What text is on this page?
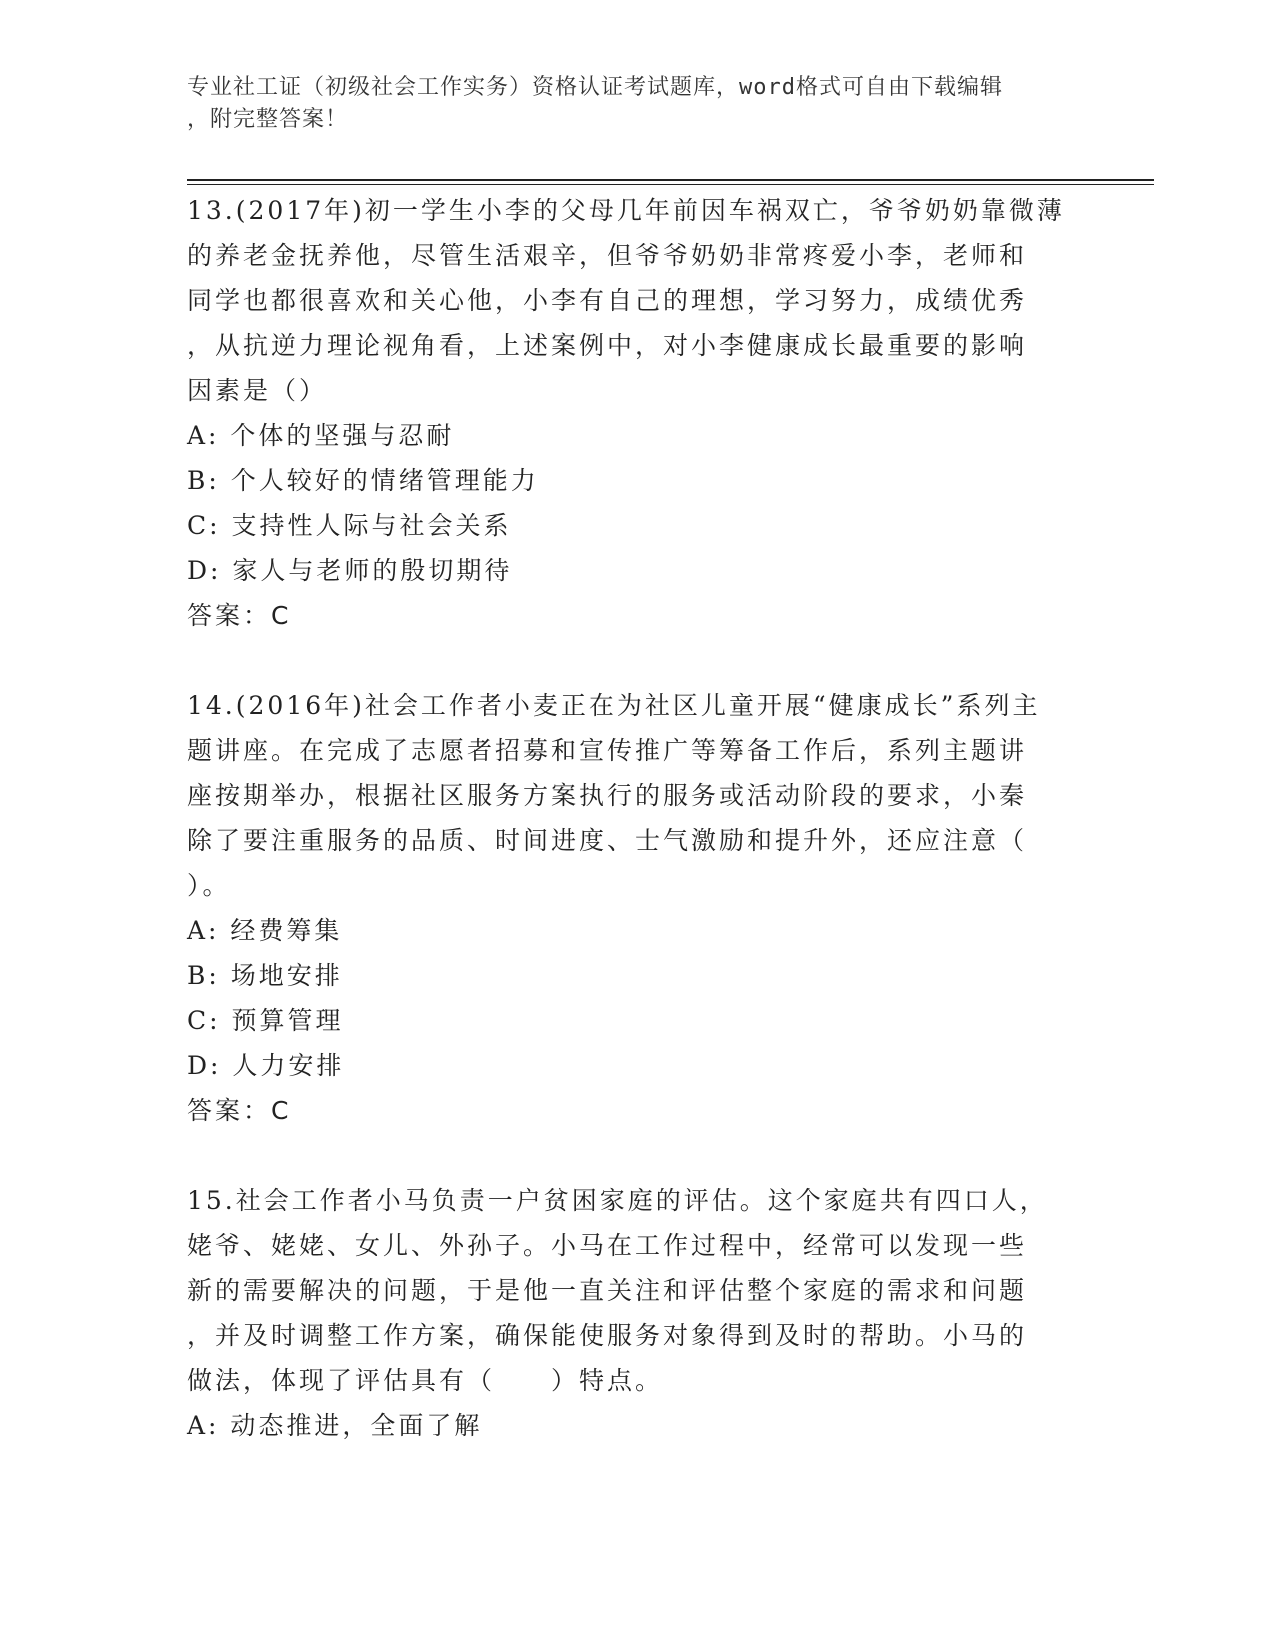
专业社工证（初级社会工作实务）资格认证考试题库，word格式可自由下载编辑
，附完整答案！
13.(2017年)初一学生小李的父母几年前因车祸双亡，爷爷奶奶靠微薄
的养老金抚养他，尽管生活艰辛，但爷爷奶奶非常疼爱小李，老师和
同学也都很喜欢和关心他，小李有自己的理想，学习努力，成绩优秀
，从抗逆力理论视角看，上述案例中，对小李健康成长最重要的影响
因素是（）
A: 个体的坚强与忍耐
B: 个人较好的情绪管理能力
C: 支持性人际与社会关系
D: 家人与老师的殷切期待
答案：C
14.(2016年)社会工作者小麦正在为社区儿童开展“健康成长”系列主
题讲座。在完成了志愿者招募和宣传推广等筹备工作后，系列主题讲
座按期举办，根据社区服务方案执行的服务或活动阶段的要求，小秦
除了要注重服务的品质、时间进度、士气激励和提升外，还应注意（
）。
A: 经费筹集
B: 场地安排
C: 预算管理
D: 人力安排
答案：C
15.社会工作者小马负责一户贫困家庭的评估。这个家庭共有四口人，
姥爷、姥姥、女儿、外孙子。小马在工作过程中，经常可以发现一些
新的需要解决的问题，于是他一直关注和评估整个家庭的需求和问题
，并及时调整工作方案，确保能使服务对象得到及时的帮助。小马的
做法，体现了评估具有（　　）特点。
A: 动态推进，全面了解
